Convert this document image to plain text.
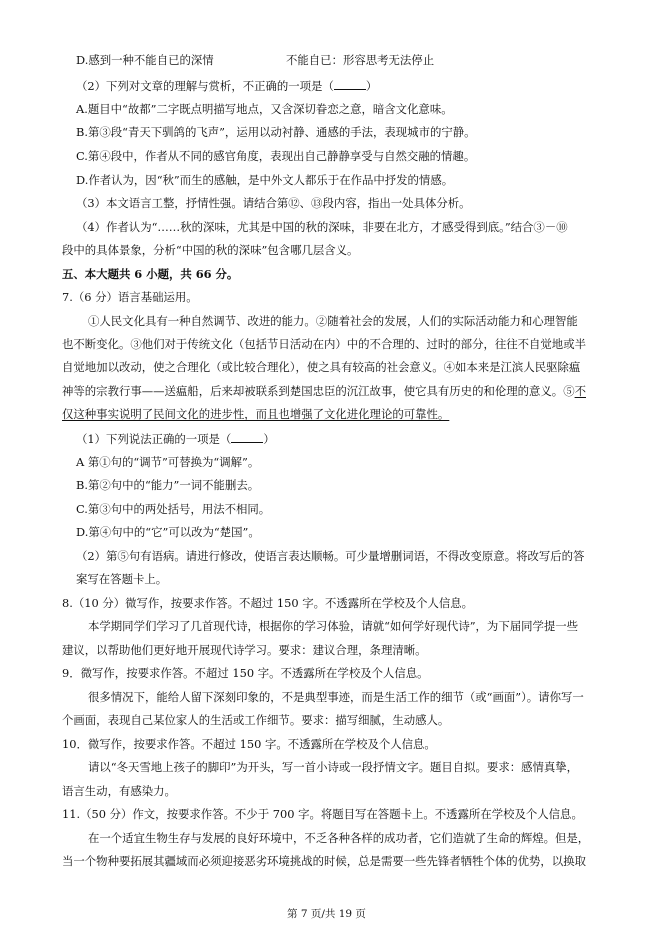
D.感到一种不能自已的深情	不能自已：形容思考无法停止
（2）下列对文章的理解与赏析，不正确的一项是（	）
A.题目中“故都”二字既点明描写地点，又含深切眷恋之意，暗含文化意味。
B.第③段“青天下驯鸽的飞声”，运用以动衬静、通感的手法，表现城市的宁静。
C.第④段中，作者从不同的感官角度，表现出自己静静享受与自然交融的情趣。
D.作者认为，因“秋”而生的感触，是中外文人都乐于在作品中抒发的情感。
（3）本文语言工整，抒情性强。请结合第⑫、⑬段内容，指出一处具体分析。
（4）作者认为“……秋的深味，尤其是中国的秋的深味，非要在北方，才感受得到底。”结合③－⑩
段中的具体景象，分析“中国的秋的深味”包含哪几层含义。
五、本大题共 6 小题，共 66 分。
7.（6 分）语言基础运用。
①人民文化具有一种自然调节、改进的能力。②随着社会的发展，人们的实际活动能力和心理智能
也不断变化。③他们对于传统文化（包括节日活动在内）中的不合理的、过时的部分，往往不自觉地或半
自觉地加以改动，使之合理化（或比较合理化），使之具有较高的社会意义。④如本来是江滨人民驱除瘟
神等的宗教行事——送瘟船，后来却被联系到楚国忠臣的沉江故事，使它具有历史的和伦理的意义。⑤不
仅这种事实说明了民间文化的进步性，而且也增强了文化进化理论的可靠性。
（1）下列说法正确的一项是（	）
A 第①句的“调节”可替换为“调解”。
B.第②句中的“能力”一词不能删去。
C.第③句中的两处括号，用法不相同。
D.第④句中的“它”可以改为“楚国”。
（2）第⑤句有语病。请进行修改，使语言表达顺畅。可少量增删词语，不得改变原意。将改写后的答
案写在答题卡上。
8.（10 分）微写作，按要求作答。不超过 150 字。不透露所在学校及个人信息。
本学期同学们学习了几首现代诗，根据你的学习体验，请就“如何学好现代诗”，为下届同学提一些
建议，以帮助他们更好地开展现代诗学习。要求：建议合理，条理清晰。
9．微写作，按要求作答。不超过 150 字。不透露所在学校及个人信息。
很多情况下，能给人留下深刻印象的，不是典型事迹，而是生活工作的细节（或“画面”）。请你写一
个画面，表现自己某位家人的生活或工作细节。要求：描写细腻，生动感人。
10．微写作，按要求作答。不超过 150 字。不透露所在学校及个人信息。
请以“冬天雪地上孩子的脚印”为开头，写一首小诗或一段抒情文字。题目自拟。要求：感情真挚，
语言生动，有感染力。
11.（50 分）作文，按要求作答。不少于 700 字。将题目写在答题卡上。不透露所在学校及个人信息。
在一个适宜生物生存与发展的良好环境中，不乏各种各样的成功者，它们造就了生命的辉煌。但是，
当一个物种要拓展其疆域而必须迎接恶劣环境挑战的时候，总是需要一些先锋者牺牲个体的优势，以换取
第 7 页/共 19 页
